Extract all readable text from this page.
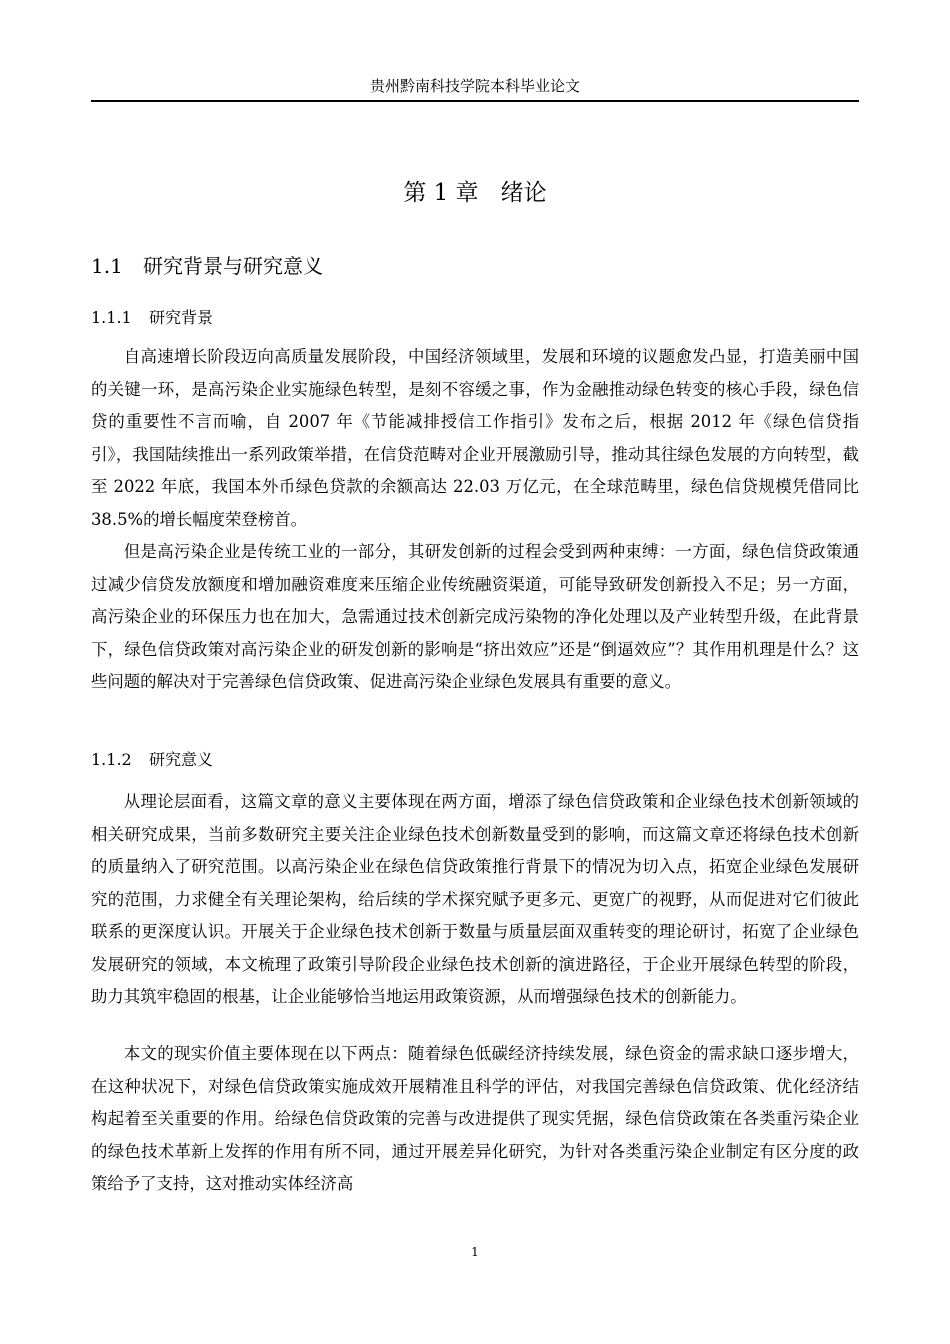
贵州黔南科技学院本科毕业论文
第 1 章 绪论
1.1 研究背景与研究意义
1.1.1 研究背景

自高速增长阶段迈向高质量发展阶段，中国经济领域里，发展和环境的议题愈发凸显，打造美丽中国的关键一环，是高污染企业实施绿色转型，是刻不容缓之事，作为金融推动绿色转变的核心手段，绿色信贷的重要性不言而喻，自 2007 年《节能减排授信工作指引》发布之后，根据 2012 年《绿色信贷指引》，我国陆续推出一系列政策举措，在信贷范畴对企业开展激励引导，推动其往绿色发展的方向转型，截至 2022 年底，我国本外币绿色贷款的余额高达 22.03 万亿元，在全球范畴里，绿色信贷规模凭借同比 38.5%的增长幅度荣登榜首。

但是高污染企业是传统工业的一部分，其研发创新的过程会受到两种束缚：一方面，绿色信贷政策通过减少信贷发放额度和增加融资难度来压缩企业传统融资渠道，可能导致研发创新投入不足；另一方面，高污染企业的环保压力也在加大，急需通过技术创新完成污染物的净化处理以及产业转型升级，在此背景下，绿色信贷政策对高污染企业的研发创新的影响是“挤出效应”还是“倒逼效应”？其作用机理是什么？这些问题的解决对于完善绿色信贷政策、促进高污染企业绿色发展具有重要的意义。

1.1.2 研究意义

从理论层面看，这篇文章的意义主要体现在两方面，增添了绿色信贷政策和企业绿色技术创新领域的相关研究成果，当前多数研究主要关注企业绿色技术创新数量受到的影响，而这篇文章还将绿色技术创新的质量纳入了研究范围。以高污染企业在绿色信贷政策推行背景下的情况为切入点，拓宽企业绿色发展研究的范围，力求健全有关理论架构，给后续的学术探究赋予更多元、更宽广的视野，从而促进对它们彼此联系的更深度认识。开展关于企业绿色技术创新于数量与质量层面双重转变的理论研讨，拓宽了企业绿色发展研究的领域，本文梳理了政策引导阶段企业绿色技术创新的演进路径，于企业开展绿色转型的阶段，助力其筑牢稳固的根基，让企业能够恰当地运用政策资源，从而增强绿色技术的创新能力。

本文的现实价值主要体现在以下两点：随着绿色低碳经济持续发展，绿色资金的需求缺口逐步增大，在这种状况下，对绿色信贷政策实施成效开展精准且科学的评估，对我国完善绿色信贷政策、优化经济结构起着至关重要的作用。给绿色信贷政策的完善与改进提供了现实凭据，绿色信贷政策在各类重污染企业的绿色技术革新上发挥的作用有所不同，通过开展差异化研究，为针对各类重污染企业制定有区分度的政策给予了支持，这对推动实体经济高

1
